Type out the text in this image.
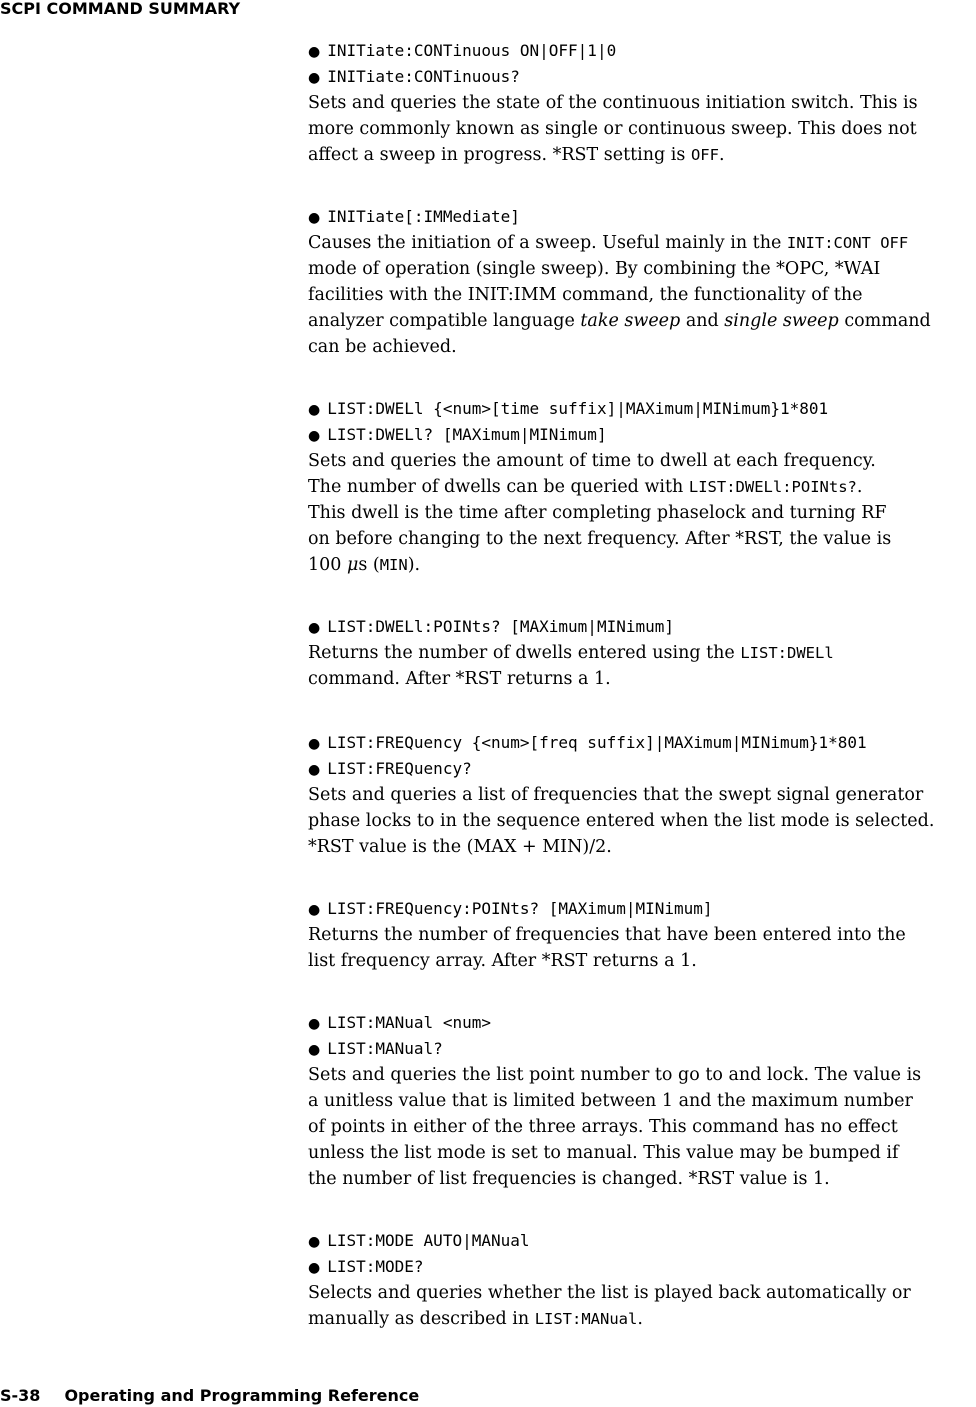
SCPI COMMAND SUMMARY
● INITiate:CONTinuous ON|OFF|1|0
● INITiate:CONTinuous?
Sets and queries the state of the continuous initiation switch. This is
more commonly known as single or continuous sweep. This does not
affect a sweep in progress. *RST setting is OFF.
● INITiate[:IMMediate]
Causes the initiation of a sweep. Useful mainly in the INIT:CONT OFF
mode of operation (single sweep). By combining the *OPC, *WAI
facilities with the INIT:IMM command, the functionality of the
analyzer compatible language take sweep and single sweep command
can be achieved.
● LIST:DWELl {<num>[time suffix]|MAXimum|MINimum}1*801
● LIST:DWELl? [MAXimum|MINimum]
Sets and queries the amount of time to dwell at each frequency.
The number of dwells can be queried with LIST:DWELl:POINts?.
This dwell is the time after completing phaselock and turning RF
on before changing to the next frequency. After *RST, the value is
100 μs (MIN).
● LIST:DWELl:POINts? [MAXimum|MINimum]
Returns the number of dwells entered using the LIST:DWELl
command. After *RST returns a 1.
● LIST:FREQuency {<num>[freq suffix]|MAXimum|MINimum}1*801
● LIST:FREQuency?
Sets and queries a list of frequencies that the swept signal generator
phase locks to in the sequence entered when the list mode is selected.
*RST value is the (MAX + MIN)/2.
● LIST:FREQuency:POINts? [MAXimum|MINimum]
Returns the number of frequencies that have been entered into the
list frequency array. After *RST returns a 1.
● LIST:MANual <num>
● LIST:MANual?
Sets and queries the list point number to go to and lock. The value is
a unitless value that is limited between 1 and the maximum number
of points in either of the three arrays. This command has no effect
unless the list mode is set to manual. This value may be bumped if
the number of list frequencies is changed. *RST value is 1.
● LIST:MODE AUTO|MANual
● LIST:MODE?
Selects and queries whether the list is played back automatically or
manually as described in LIST:MANual.
S-38 Operating and Programming Reference
